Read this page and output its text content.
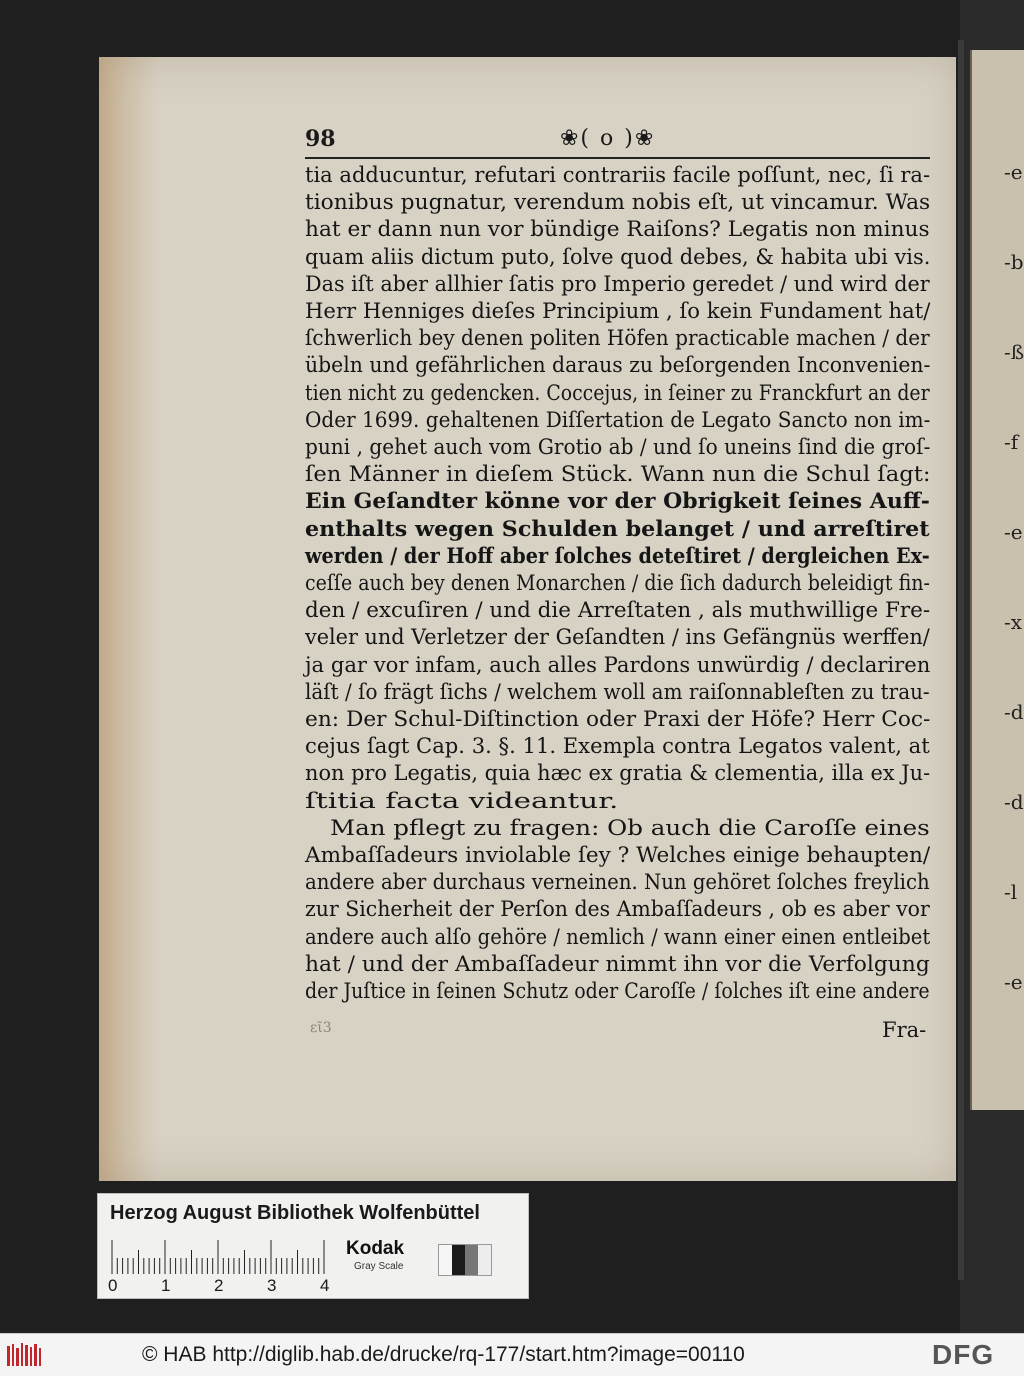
-e
-b
-ß
-f
-e
-x
-d
-d
-l
-e
98	❀( o )❀
tia adducuntur, refutari contrariis facile poſſunt, nec, ſi ra-
tionibus pugnatur, verendum nobis eſt, ut vincamur. Was
hat er dann nun vor bündige Raiſons? Legatis non minus
quam aliis dictum puto, ſolve quod debes, & habita ubi vis.
Das iſt aber allhier ſatis pro Imperio geredet / und wird der
Herr Henniges dieſes Principium , ſo kein Fundament hat/
ſchwerlich bey denen politen Höfen practicable machen / der
übeln und gefährlichen daraus zu beſorgenden Inconvenien-
tien nicht zu gedencken. Coccejus, in ſeiner zu Franckfurt an der
Oder 1699. gehaltenen Diſſertation de Legato Sancto non im-
puni , gehet auch vom Grotio ab / und ſo uneins ſind die groſ-
ſen Männer in dieſem Stück. Wann nun die Schul ſagt:
Ein Geſandter könne vor der Obrigkeit ſeines Auff-
enthalts wegen Schulden belanget / und arreſtiret
werden / der Hoff aber ſolches deteſtiret / dergleichen Ex-
ceſſe auch bey denen Monarchen / die ſich dadurch beleidigt fin-
den / excuſiren / und die Arreſtaten , als muthwillige Fre-
veler und Verletzer der Geſandten / ins Gefängnüs werffen/
ja gar vor infam, auch alles Pardons unwürdig / declariren
läſt / ſo frägt ſichs / welchem woll am raiſonnableſten zu trau-
en: Der Schul-Diſtinction oder Praxi der Höfe? Herr Coc-
cejus ſagt Cap. 3. §. 11. Exempla contra Legatos valent, at
non pro Legatis, quia hæc ex gratia & clementia, illa ex Ju-
ſtitia facta videantur.
Man pflegt zu fragen: Ob auch die Caroſſe eines
Ambaſſadeurs inviolable ſey ? Welches einige behaupten/
andere aber durchaus verneinen. Nun gehöret ſolches freylich
zur Sicherheit der Perſon des Ambaſſadeurs , ob es aber vor
andere auch alſo gehöre / nemlich / wann einer einen entleibet
hat / und der Ambaſſadeur nimmt ihn vor die Verfolgung
der Juſtice in ſeinen Schutz oder Caroſſe / ſolches iſt eine andere
εῖ3	Fra-
Herzog August Bibliothek Wolfenbüttel
0	1	2	3	4
Kodak
Gray Scale
© HAB http://diglib.hab.de/drucke/rq-177/start.htm?image=00110	DFG
